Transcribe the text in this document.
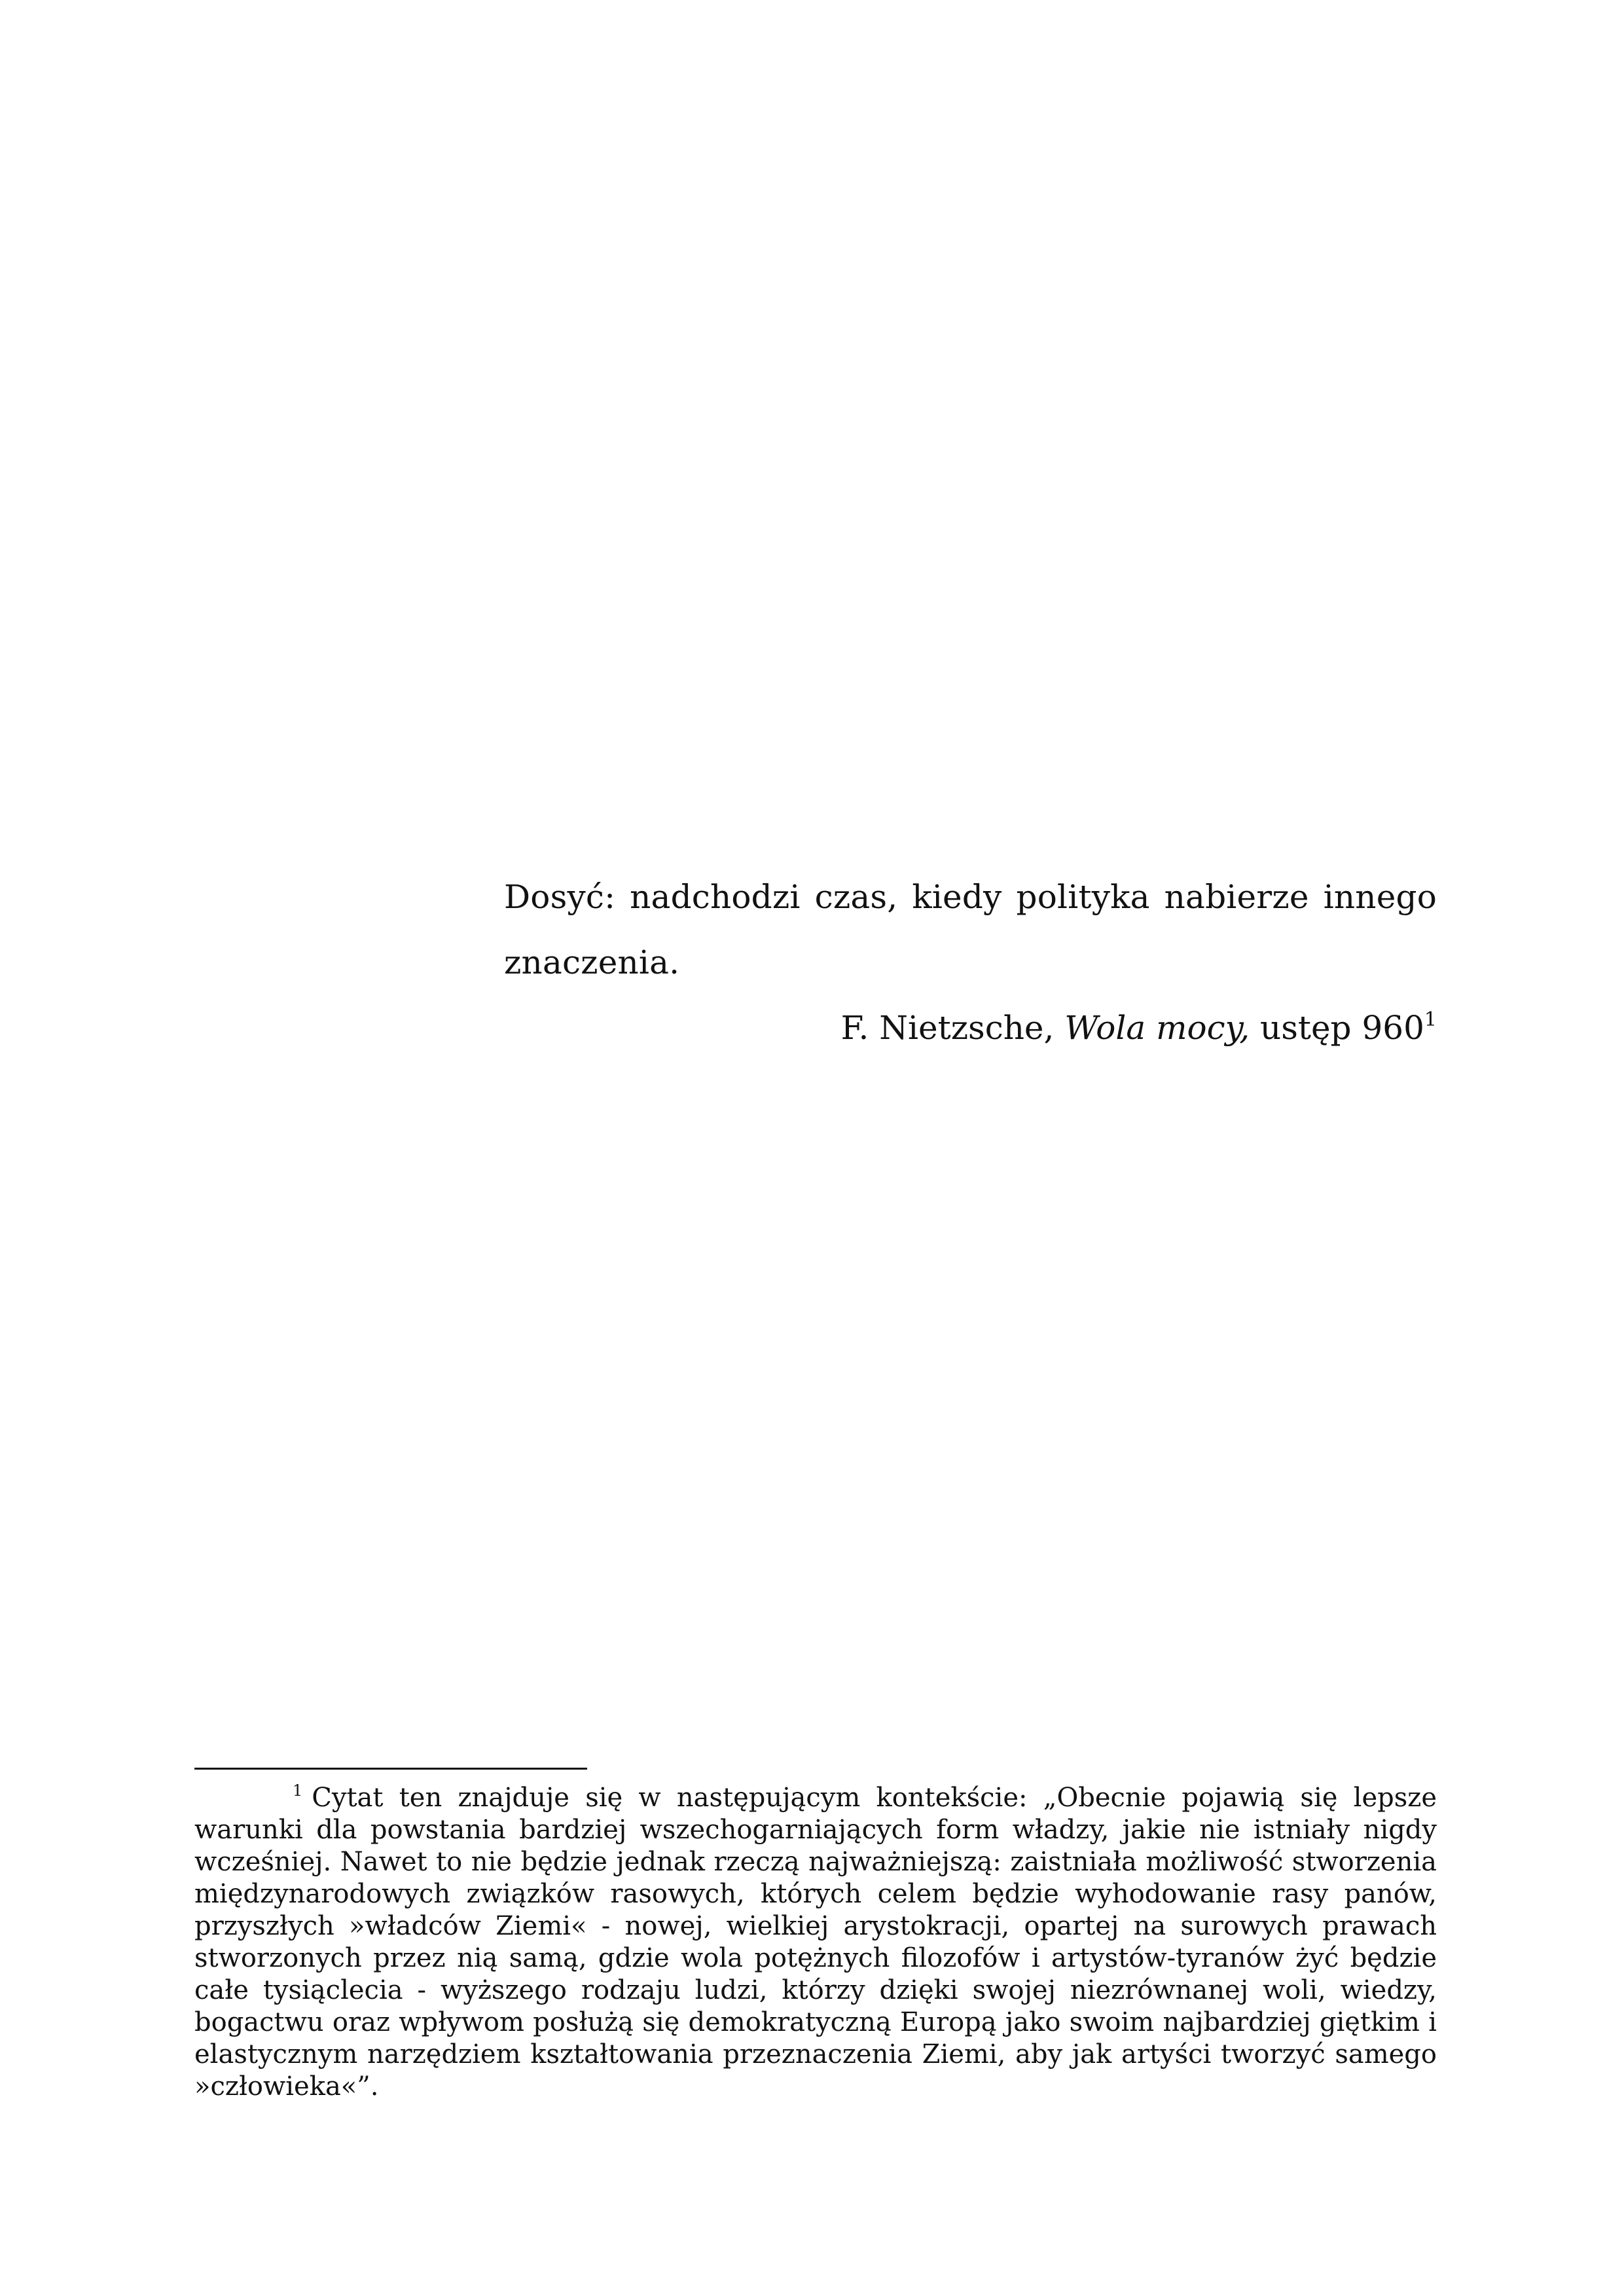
Dosyć: nadchodzi czas, kiedy polityka nabierze innego znaczenia.

F. Nietzsche, Wola mocy, ustęp 960$^1$

$^1$ Cytat ten znajduje się w następującym kontekście: „Obecnie pojawią się lepsze warunki dla powstania bardziej wszechogarniających form władzy, jakie nie istniały nigdy wcześniej. Nawet to nie będzie jednak rzeczą najważniejszą: zaistniała możliwość stworzenia międzynarodowych związków rasowych, których celem będzie wyhodowanie rasy panów, przyszłych »władców Ziemi« - nowej, wielkiej arystokracji, opartej na surowych prawach stworzonych przez nią samą, gdzie wola potężnych filozofów i artystów-tyranów żyć będzie całe tysiąclecia - wyższego rodzaju ludzi, którzy dzięki swojej niezrównanej woli, wiedzy, bogactwu oraz wpływom posłużą się demokratyczną Europą jako swoim najbardziej giętkim i elastycznym narzędziem kształtowania przeznaczenia Ziemi, aby jak artyści tworzyć samego »człowieka«”.
